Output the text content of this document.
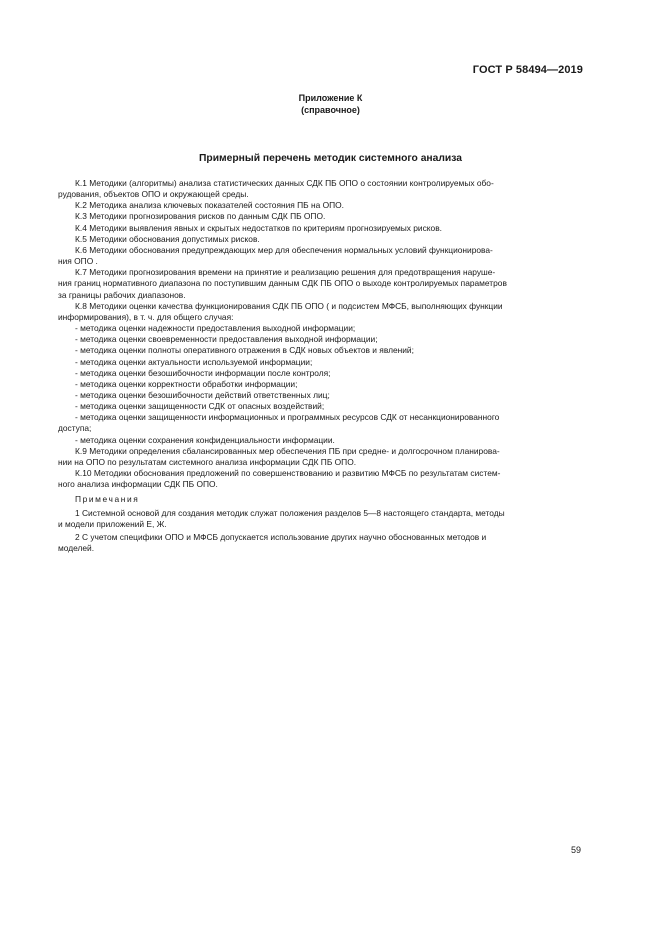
ГОСТ Р 58494—2019
Приложение К
(справочное)
Примерный перечень методик системного анализа

К.1 Методики (алгоритмы) анализа статистических данных СДК ПБ ОПО о состоянии контролируемых обо-

рудования, объектов ОПО и окружающей среды.

К.2 Методика анализа ключевых показателей состояния ПБ на ОПО.

К.3 Методики прогнозирования рисков по данным СДК ПБ ОПО.

К.4 Методики выявления явных и скрытых недостатков по критериям прогнозируемых рисков.

К.5 Методики обоснования допустимых рисков.

К.6 Методики обоснования предупреждающих мер для обеспечения нормальных условий функционирова-

ния ОПО .

К.7 Методики прогнозирования времени на принятие и реализацию решения для предотвращения наруше-

ния границ нормативного диапазона по поступившим данным СДК ПБ ОПО о выходе контролируемых параметров

за границы рабочих диапазонов.

К.8 Методики оценки качества функционирования СДК ПБ ОПО ( и подсистем МФСБ, выполняющих функции

информирования), в т. ч. для общего случая:

- методика оценки надежности предоставления выходной информации;

- методика оценки своевременности предоставления выходной информации;

- методика оценки полноты оперативного отражения в СДК новых объектов и явлений;

- методика оценки актуальности используемой информации;

- методика оценки безошибочности информации после контроля;

- методика оценки корректности обработки информации;

- методика оценки безошибочности действий ответственных лиц;

- методика оценки защищенности СДК от опасных воздействий;

- методика оценки защищенности информационных и программных ресурсов СДК от несанкционированного

доступа;

- методика оценки сохранения конфиденциальности информации.

К.9 Методики определения сбалансированных мер обеспечения ПБ при средне- и долгосрочном планирова-

нии на ОПО по результатам системного анализа информации СДК ПБ ОПО.

К.10 Методики обоснования предложений по совершенствованию и развитию МФСБ по результатам систем-

ного анализа информации СДК ПБ ОПО.

Примечания

1 Системной основой для создания методик служат положения разделов 5—8 настоящего стандарта, методы

и модели приложений Е, Ж.

2 С учетом специфики ОПО и МФСБ допускается использование других научно обоснованных методов и

моделей.

59
